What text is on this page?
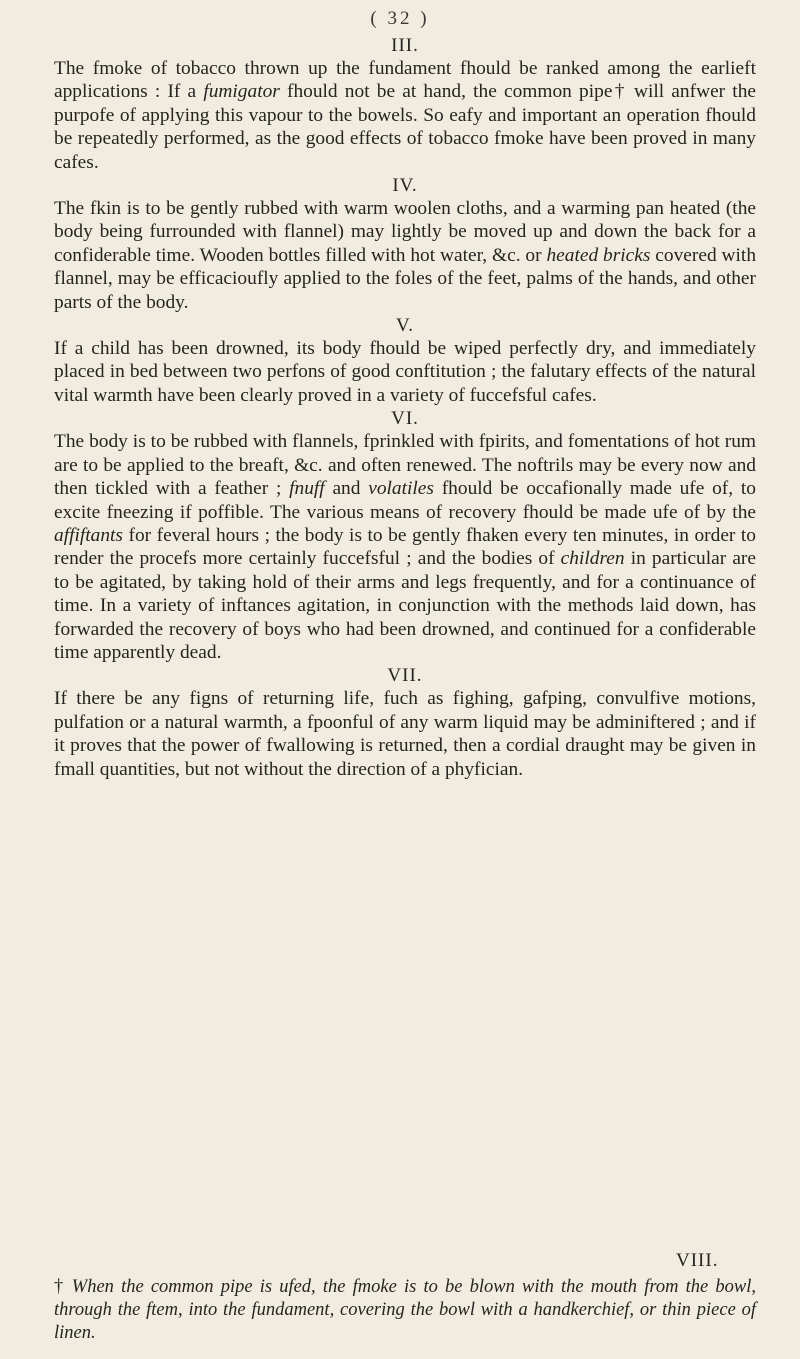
( 32 )
III.

The fmoke of tobacco thrown up the fundament fhould be ranked among the earlieft applications : If a fumigator fhould not be at hand, the common pipe† will anfwer the purpofe of applying this vapour to the bowels. So eafy and important an operation fhould be repeatedly performed, as the good effects of tobacco fmoke have been proved in many cafes.

IV.

The fkin is to be gently rubbed with warm woolen cloths, and a warming pan heated (the body being furrounded with flannel) may lightly be moved up and down the back for a confiderable time. Wooden bottles filled with hot water, &c. or heated bricks covered with flannel, may be efficacioufly applied to the foles of the feet, palms of the hands, and other parts of the body.

V.

If a child has been drowned, its body fhould be wiped perfectly dry, and immediately placed in bed between two perfons of good conftitution ; the falutary effects of the natural vital warmth have been clearly proved in a variety of fuccefsful cafes.

VI.

The body is to be rubbed with flannels, fprinkled with fpirits, and fomentations of hot rum are to be applied to the breaft, &c. and often renewed. The noftrils may be every now and then tickled with a feather ; fnuff and volatiles fhould be occafionally made ufe of, to excite fneezing if poffible. The various means of recovery fhould be made ufe of by the affiftants for feveral hours ; the body is to be gently fhaken every ten minutes, in order to render the procefs more certainly fuccefsful ; and the bodies of children in particular are to be agitated, by taking hold of their arms and legs frequently, and for a continuance of time. In a variety of inftances agitation, in conjunction with the methods laid down, has forwarded the recovery of boys who had been drowned, and continued for a confiderable time apparently dead.

VII.

If there be any figns of returning life, fuch as fighing, gafping, convulfive motions, pulfation or a natural warmth, a fpoonful of any warm liquid may be adminiftered ; and if it proves that the power of fwallowing is returned, then a cordial draught may be given in fmall quantities, but not without the direction of a phyfician.

VIII.
† When the common pipe is ufed, the fmoke is to be blown with the mouth from the bowl, through the ftem, into the fundament, covering the bowl with a handkerchief, or thin piece of linen.
